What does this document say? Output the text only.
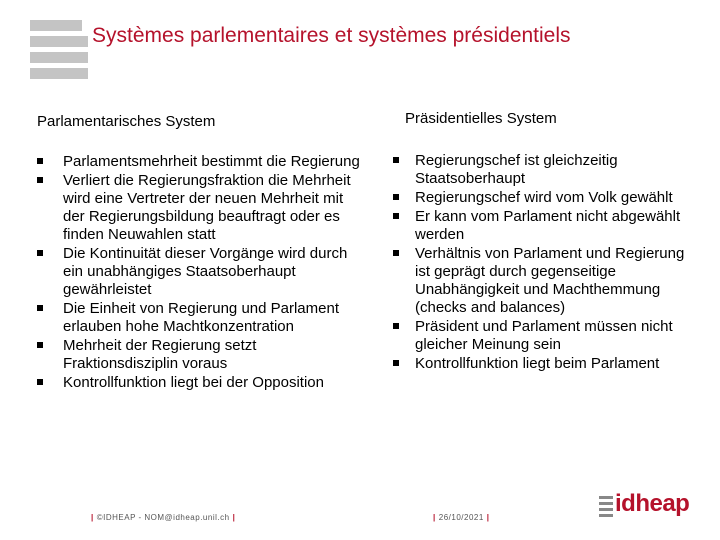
Systèmes parlementaires et systèmes présidentiels
Parlamentarisches System
Parlamentsmehrheit bestimmt die Regierung
Verliert die Regierungsfraktion die Mehrheit wird eine Vertreter der neuen Mehrheit mit der Regierungsbildung beauftragt oder es finden Neuwahlen statt
Die Kontinuität dieser Vorgänge wird durch ein unabhängiges Staatsoberhaupt gewährleistet
Die Einheit von Regierung und Parlament erlauben hohe Machtkonzentration
Mehrheit der Regierung setzt Fraktionsdisziplin voraus
Kontrollfunktion liegt bei der Opposition
Präsidentielles System
Regierungschef ist gleichzeitig Staatsoberhaupt
Regierungschef wird vom Volk gewählt
Er kann vom Parlament nicht abgewählt werden
Verhältnis von Parlament und Regierung ist geprägt durch gegenseitige Unabhängigkeit und Machthemmung (checks and balances)
Präsident und Parlament müssen nicht gleicher Meinung sein
Kontrollfunktion liegt beim Parlament
| ©IDHEAP - NOM@idheap.unil.ch |	| 26/10/2021 |
idheap
